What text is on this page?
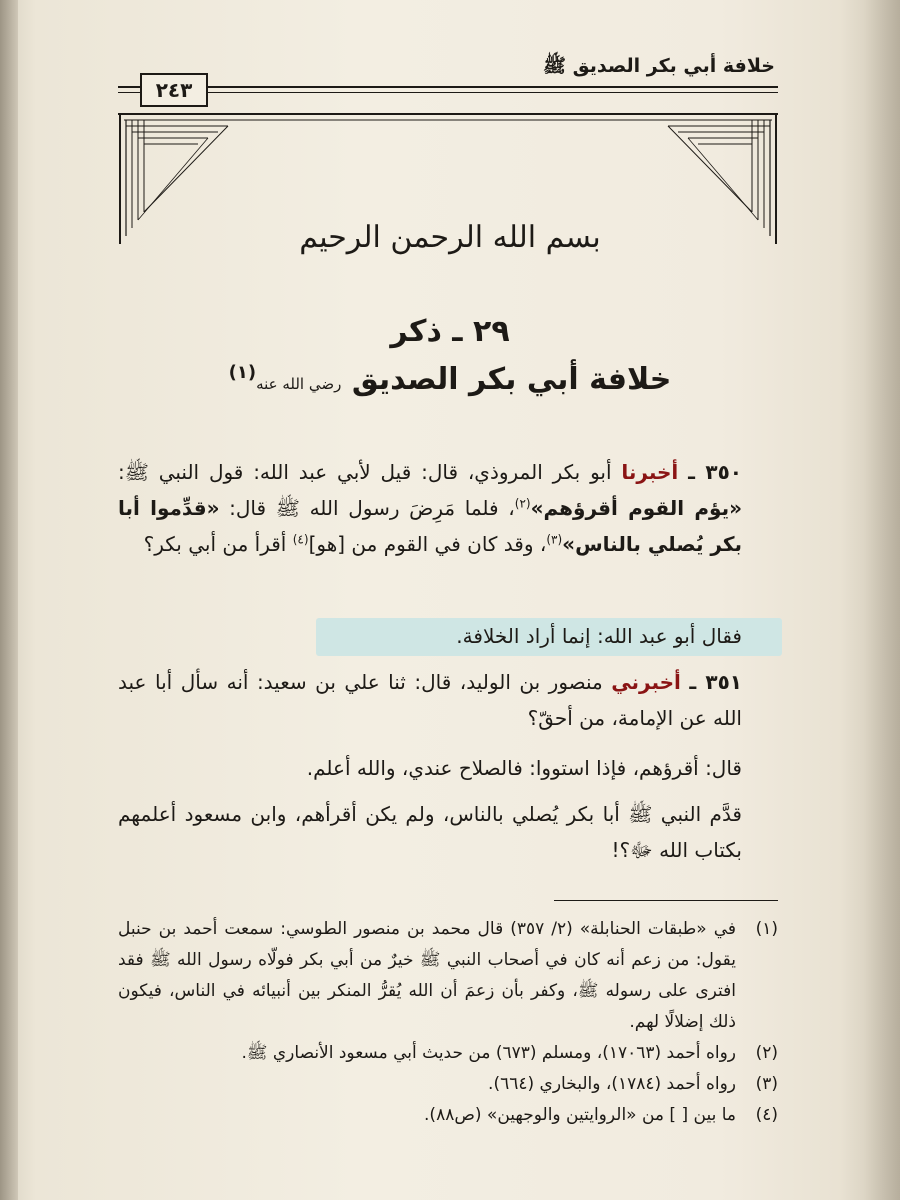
خلافة أبي بكر الصديق ﷺ
٢٤٣
بسم الله الرحمن الرحيم
٢٩ ـ ذكر
خلافة أبي بكر الصديق رضي الله عنه$^{(١)}$
٣٥٠ ـ أخبرنا أبو بكر المروذي، قال: قيل لأبي عبد الله: قول النبي ﷺ: «يؤم القوم أقرؤهم»$^{(٢)}$، فلما مَرِضَ رسول الله ﷺ قال: «قدِّموا أبا بكر يُصلي بالناس»$^{(٣)}$، وقد كان في القوم من [هو]$^{(٤)}$ أقرأ من أبي بكر؟
فقال أبو عبد الله: إنما أراد الخلافة.
٣٥١ ـ أخبرني منصور بن الوليد، قال: ثنا علي بن سعيد: أنه سأل أبا عبد الله عن الإمامة، من أحقّ؟
قال: أقرؤهم، فإذا استووا: فالصلاح عندي، والله أعلم.
قدَّم النبي ﷺ أبا بكر يُصلي بالناس، ولم يكن أقرأهم، وابن مسعود أعلمهم بكتاب الله ﷻ؟!
(١)
في «طبقات الحنابلة» (٢/ ٣٥٧) قال محمد بن منصور الطوسي: سمعت أحمد بن حنبل يقول: من زعم أنه كان في أصحاب النبي ﷺ خيرٌ من أبي بكر فولّاه رسول الله ﷺ فقد افترى على رسوله ﷺ، وكفر بأن زعمَ أن الله يُقرُّ المنكر بين أنبيائه في الناس، فيكون ذلك إضلالًا لهم.
(٢)
رواه أحمد (١٧٠٦٣)، ومسلم (٦٧٣) من حديث أبي مسعود الأنصاري ﷺ.
(٣)
رواه أحمد (١٧٨٤)، والبخاري (٦٦٤).
(٤)
ما بين [ ] من «الروايتين والوجهين» (ص٨٨).
